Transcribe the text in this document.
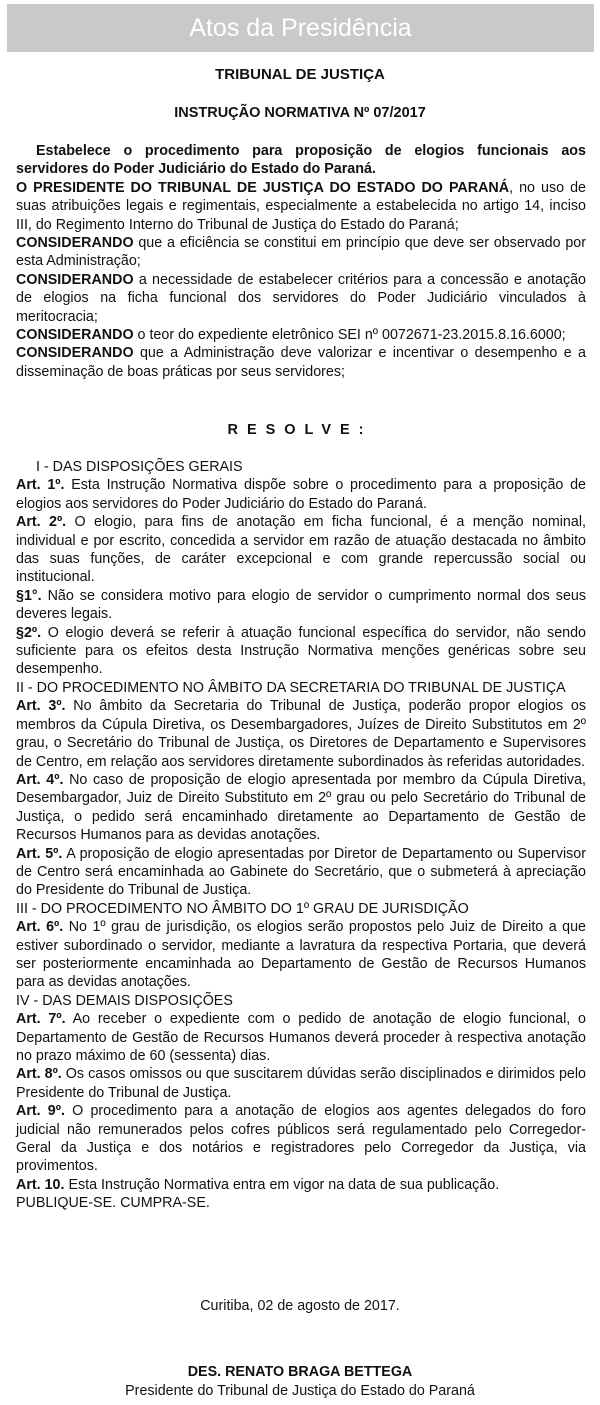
Atos da Presidência
TRIBUNAL DE JUSTIÇA
INSTRUÇÃO NORMATIVA Nº 07/2017

Estabelece o procedimento para proposição de elogios funcionais aos servidores do Poder Judiciário do Estado do Paraná.

O PRESIDENTE DO TRIBUNAL DE JUSTIÇA DO ESTADO DO PARANÁ, no uso de suas atribuições legais e regimentais, especialmente a estabelecida no artigo 14, inciso III, do Regimento Interno do Tribunal de Justiça do Estado do Paraná;

CONSIDERANDO que a eficiência se constitui em princípio que deve ser observado por esta Administração;

CONSIDERANDO a necessidade de estabelecer critérios para a concessão e anotação de elogios na ficha funcional dos servidores do Poder Judiciário vinculados à meritocracia;

CONSIDERANDO o teor do expediente eletrônico SEI nº 0072671-23.2015.8.16.6000;

CONSIDERANDO que a Administração deve valorizar e incentivar o desempenho e a disseminação de boas práticas por seus servidores;

RESOLVE:

I - DAS DISPOSIÇÕES GERAIS

Art. 1º. Esta Instrução Normativa dispõe sobre o procedimento para a proposição de elogios aos servidores do Poder Judiciário do Estado do Paraná.

Art. 2º. O elogio, para fins de anotação em ficha funcional, é a menção nominal, individual e por escrito, concedida a servidor em razão de atuação destacada no âmbito das suas funções, de caráter excepcional e com grande repercussão social ou institucional.

§1°. Não se considera motivo para elogio de servidor o cumprimento normal dos seus deveres legais.

§2º. O elogio deverá se referir à atuação funcional específica do servidor, não sendo suficiente para os efeitos desta Instrução Normativa menções genéricas sobre seu desempenho.

II - DO PROCEDIMENTO NO ÂMBITO DA SECRETARIA DO TRIBUNAL DE JUSTIÇA

Art. 3º. No âmbito da Secretaria do Tribunal de Justiça, poderão propor elogios os membros da Cúpula Diretiva, os Desembargadores, Juízes de Direito Substitutos em 2º grau, o Secretário do Tribunal de Justiça, os Diretores de Departamento e Supervisores de Centro, em relação aos servidores diretamente subordinados às referidas autoridades.

Art. 4º. No caso de proposição de elogio apresentada por membro da Cúpula Diretiva, Desembargador, Juiz de Direito Substituto em 2º grau ou pelo Secretário do Tribunal de Justiça, o pedido será encaminhado diretamente ao Departamento de Gestão de Recursos Humanos para as devidas anotações.

Art. 5º. A proposição de elogio apresentadas por Diretor de Departamento ou Supervisor de Centro será encaminhada ao Gabinete do Secretário, que o submeterá à apreciação do Presidente do Tribunal de Justiça.

III - DO PROCEDIMENTO NO ÂMBITO DO 1º GRAU DE JURISDIÇÃO

Art. 6º. No 1º grau de jurisdição, os elogios serão propostos pelo Juiz de Direito a que estiver subordinado o servidor, mediante a lavratura da respectiva Portaria, que deverá ser posteriormente encaminhada ao Departamento de Gestão de Recursos Humanos para as devidas anotações.

IV - DAS DEMAIS DISPOSIÇÕES

Art. 7º. Ao receber o expediente com o pedido de anotação de elogio funcional, o Departamento de Gestão de Recursos Humanos deverá proceder à respectiva anotação no prazo máximo de 60 (sessenta) dias.

Art. 8º. Os casos omissos ou que suscitarem dúvidas serão disciplinados e dirimidos pelo Presidente do Tribunal de Justiça.

Art. 9º. O procedimento para a anotação de elogios aos agentes delegados do foro judicial não remunerados pelos cofres públicos será regulamentado pelo Corregedor-Geral da Justiça e dos notários e registradores pelo Corregedor da Justiça, via provimentos.

Art. 10. Esta Instrução Normativa entra em vigor na data de sua publicação.

PUBLIQUE-SE. CUMPRA-SE.

Curitiba, 02 de agosto de 2017.
DES. RENATO BRAGA BETTEGA
Presidente do Tribunal de Justiça do Estado do Paraná
